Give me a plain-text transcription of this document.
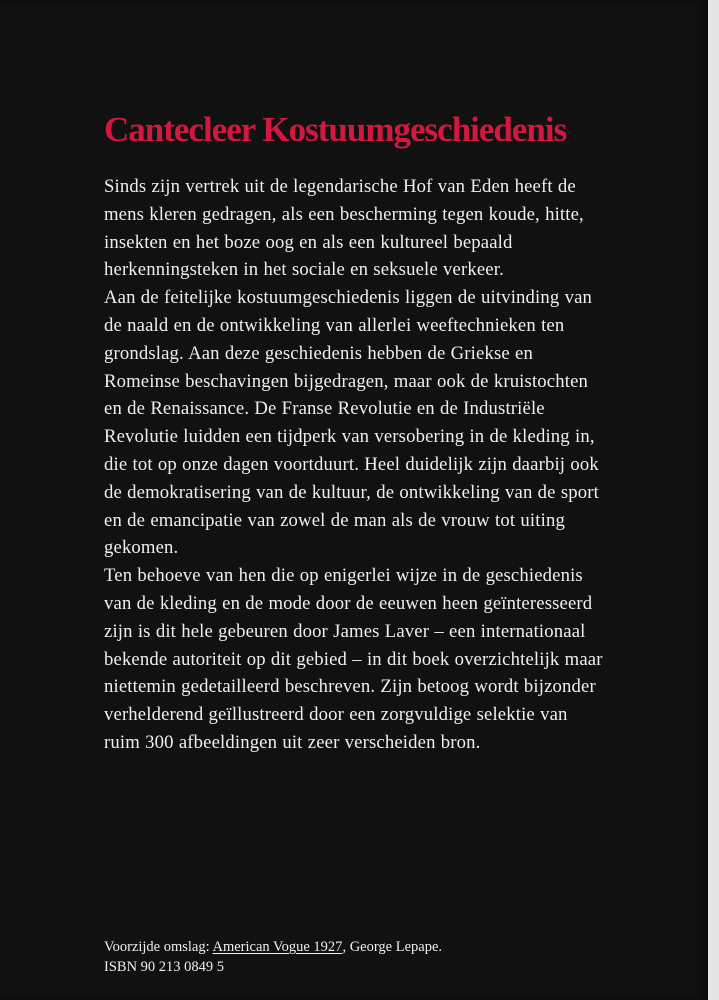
Cantecleer Kostuumgeschiedenis

Sinds zijn vertrek uit de legendarische Hof van Eden heeft de mens kleren gedragen, als een bescherming tegen koude, hitte, insekten en het boze oog en als een kultureel bepaald herkenningsteken in het sociale en seksuele verkeer.

Aan de feitelijke kostuumgeschiedenis liggen de uitvinding van de naald en de ontwikkeling van allerlei weeftechnieken ten grondslag. Aan deze geschiedenis hebben de Griekse en Romeinse beschavingen bijgedragen, maar ook de kruistochten en de Renaissance. De Franse Revolutie en de Industriële Revolutie luidden een tijdperk van versobering in de kleding in, die tot op onze dagen voortduurt. Heel duidelijk zijn daarbij ook de demokratisering van de kultuur, de ontwikkeling van de sport en de emancipatie van zowel de man als de vrouw tot uiting gekomen.

Ten behoeve van hen die op enigerlei wijze in de geschiedenis van de kleding en de mode door de eeuwen heen geïnteresseerd zijn is dit hele gebeuren door James Laver – een internationaal bekende autoriteit op dit gebied – in dit boek overzichtelijk maar niettemin gedetailleerd beschreven. Zijn betoog wordt bijzonder verhelderend geïllustreerd door een zorgvuldige selektie van ruim 300 afbeeldingen uit zeer verscheiden bron.

Voorzijde omslag: American Vogue 1927, George Lepape.

ISBN 90 213 0849 5
